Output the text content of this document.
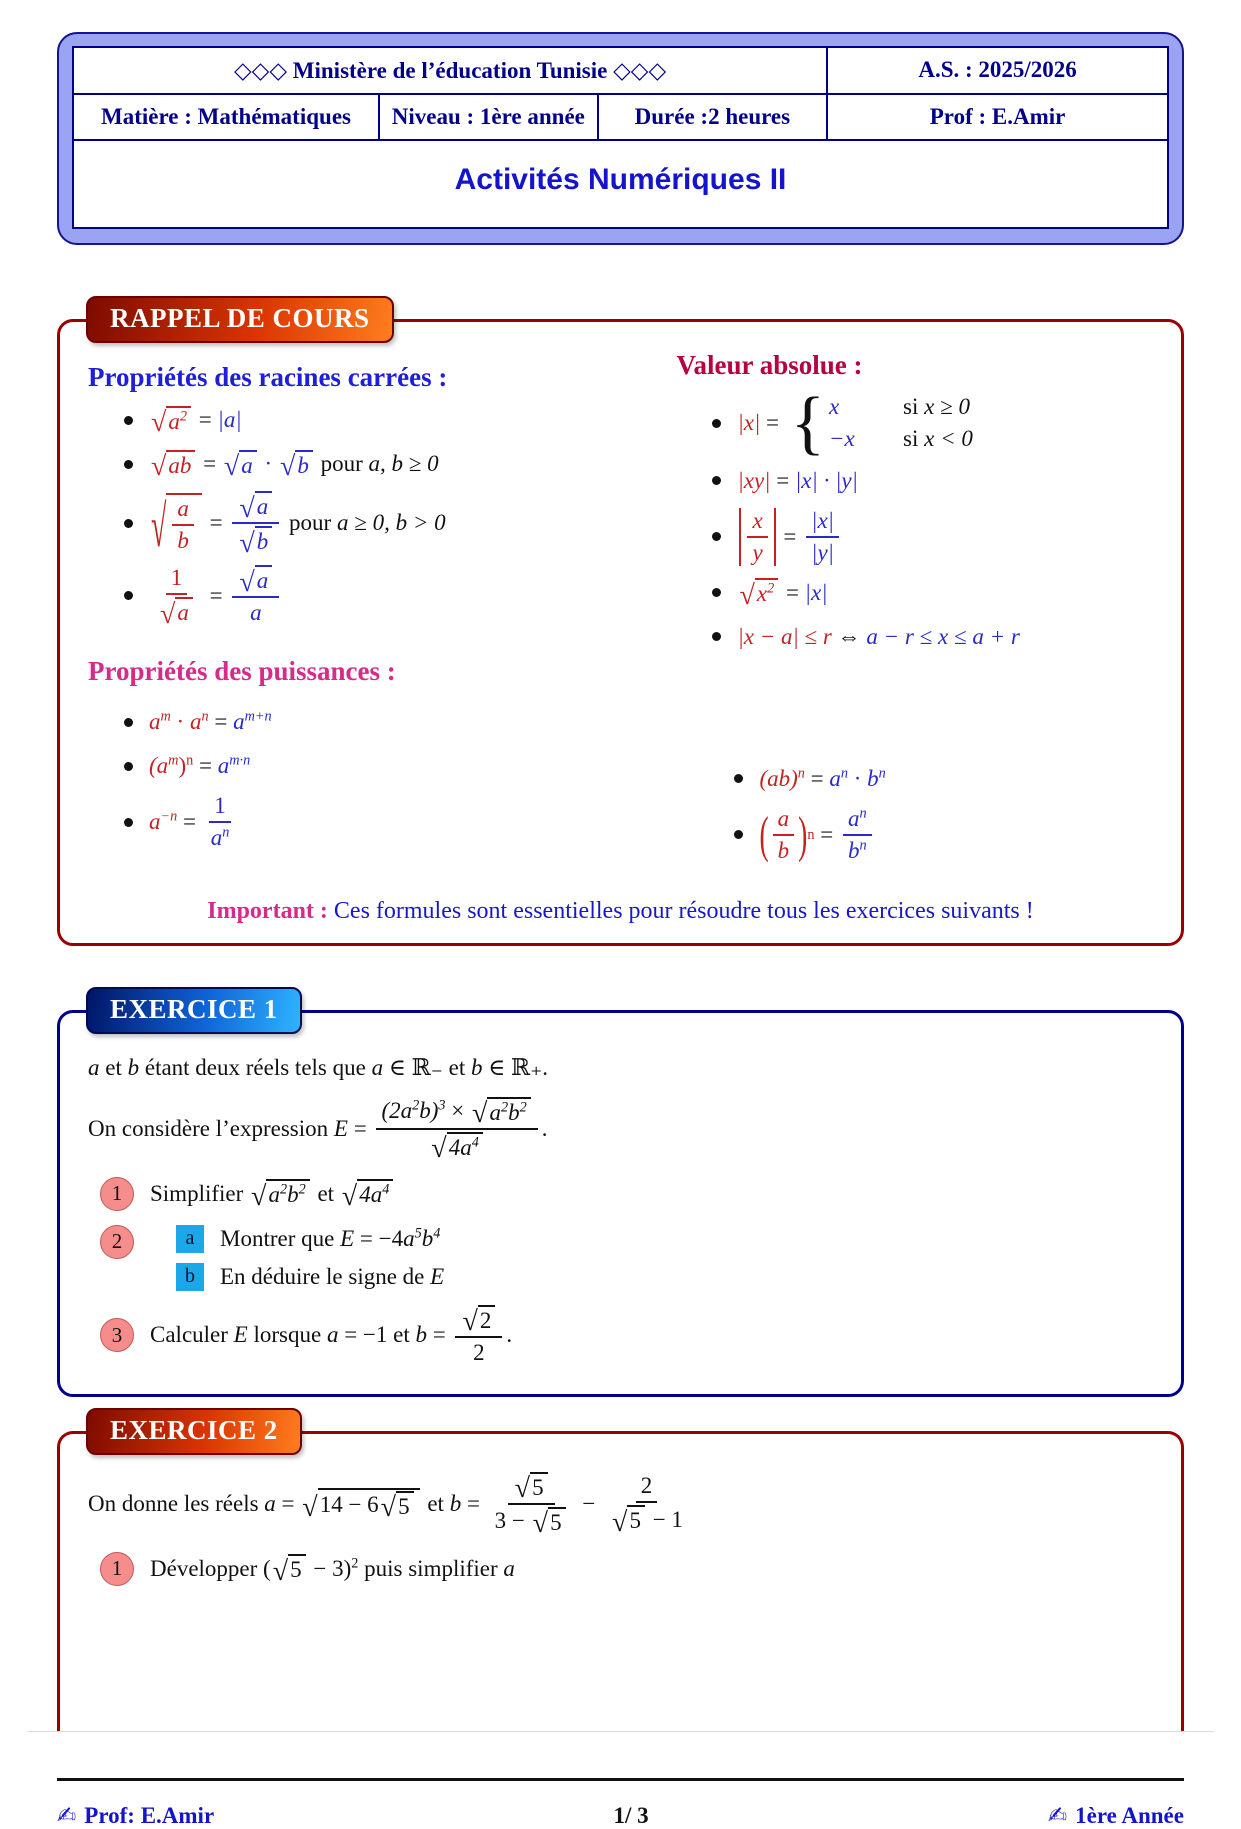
◇◇◇ Ministère de l’éducation Tunisie ◇◇◇	A.S. : 2025/2026
Matière : Mathématiques	Niveau : 1ère année	Durée :2 heures	Prof : E.Amir
Activités Numériques II
RAPPEL DE COURS
Propriétés des racines carrées :
√ $a^2 = |a|$
√ ab = √ a · √ b pour a, b ≥ 0
√ a
b
= $\frac{√ a}{√ b}$ pour a ≥ 0, b > 0
$\frac{1}{√ a} = \frac{√ a}{a}$
Propriétés des puissances :
$a^m \cdot a^n = a^{m+n}$
($a^m$ )$^n = a^{m\cdot n}$
$a^{-n} = \frac{1}{a^n}$
Valeur absolue :
|x| = { x	si x ≥ 0
−x si x < 0
|xy| = |x| · |y|
x
y
= $\frac{|x|}{|y|}$
√ $x^2 = |x|$
|x − a| ≤ r ⇔ a − r ≤ x ≤ a + r
$(ab)^n = a^n \cdot b^n$
( a
b ) $n = \frac{a^n}{b^n}$

Important : Ces formules sont essentielles pour résoudre tous les exercices suivants !

EXERCICE 1

a et b étant deux réels tels que a ∈ ℝ₋ et b ∈ ℝ₊.

On considère l’expression $E = \frac{(2a^2 b)^3 \times √ a^2 b^2}{√ 4a^4}$ .

1	Simplifier √ $a^2$ $b^2$ et √ $4a^4$
2	a	Montrer que E = −4 $a^5$ $b^4$
b	En déduire le signe de E
3	Calculer E lorsque a = −1 et $b = \frac{√ 2}{2}$ .
EXERCICE 2

On donne les réels a = √ 14 − 6 √ 5 et $b = \frac{√ 5}{3 - √ 5} - \frac{2}{√ 5 - 1}$

1	Développer ( √ 5 − 3)$^2$ puis simplifier a
✍ Prof: E.Amir	1/ 3	✍ 1ère Année
